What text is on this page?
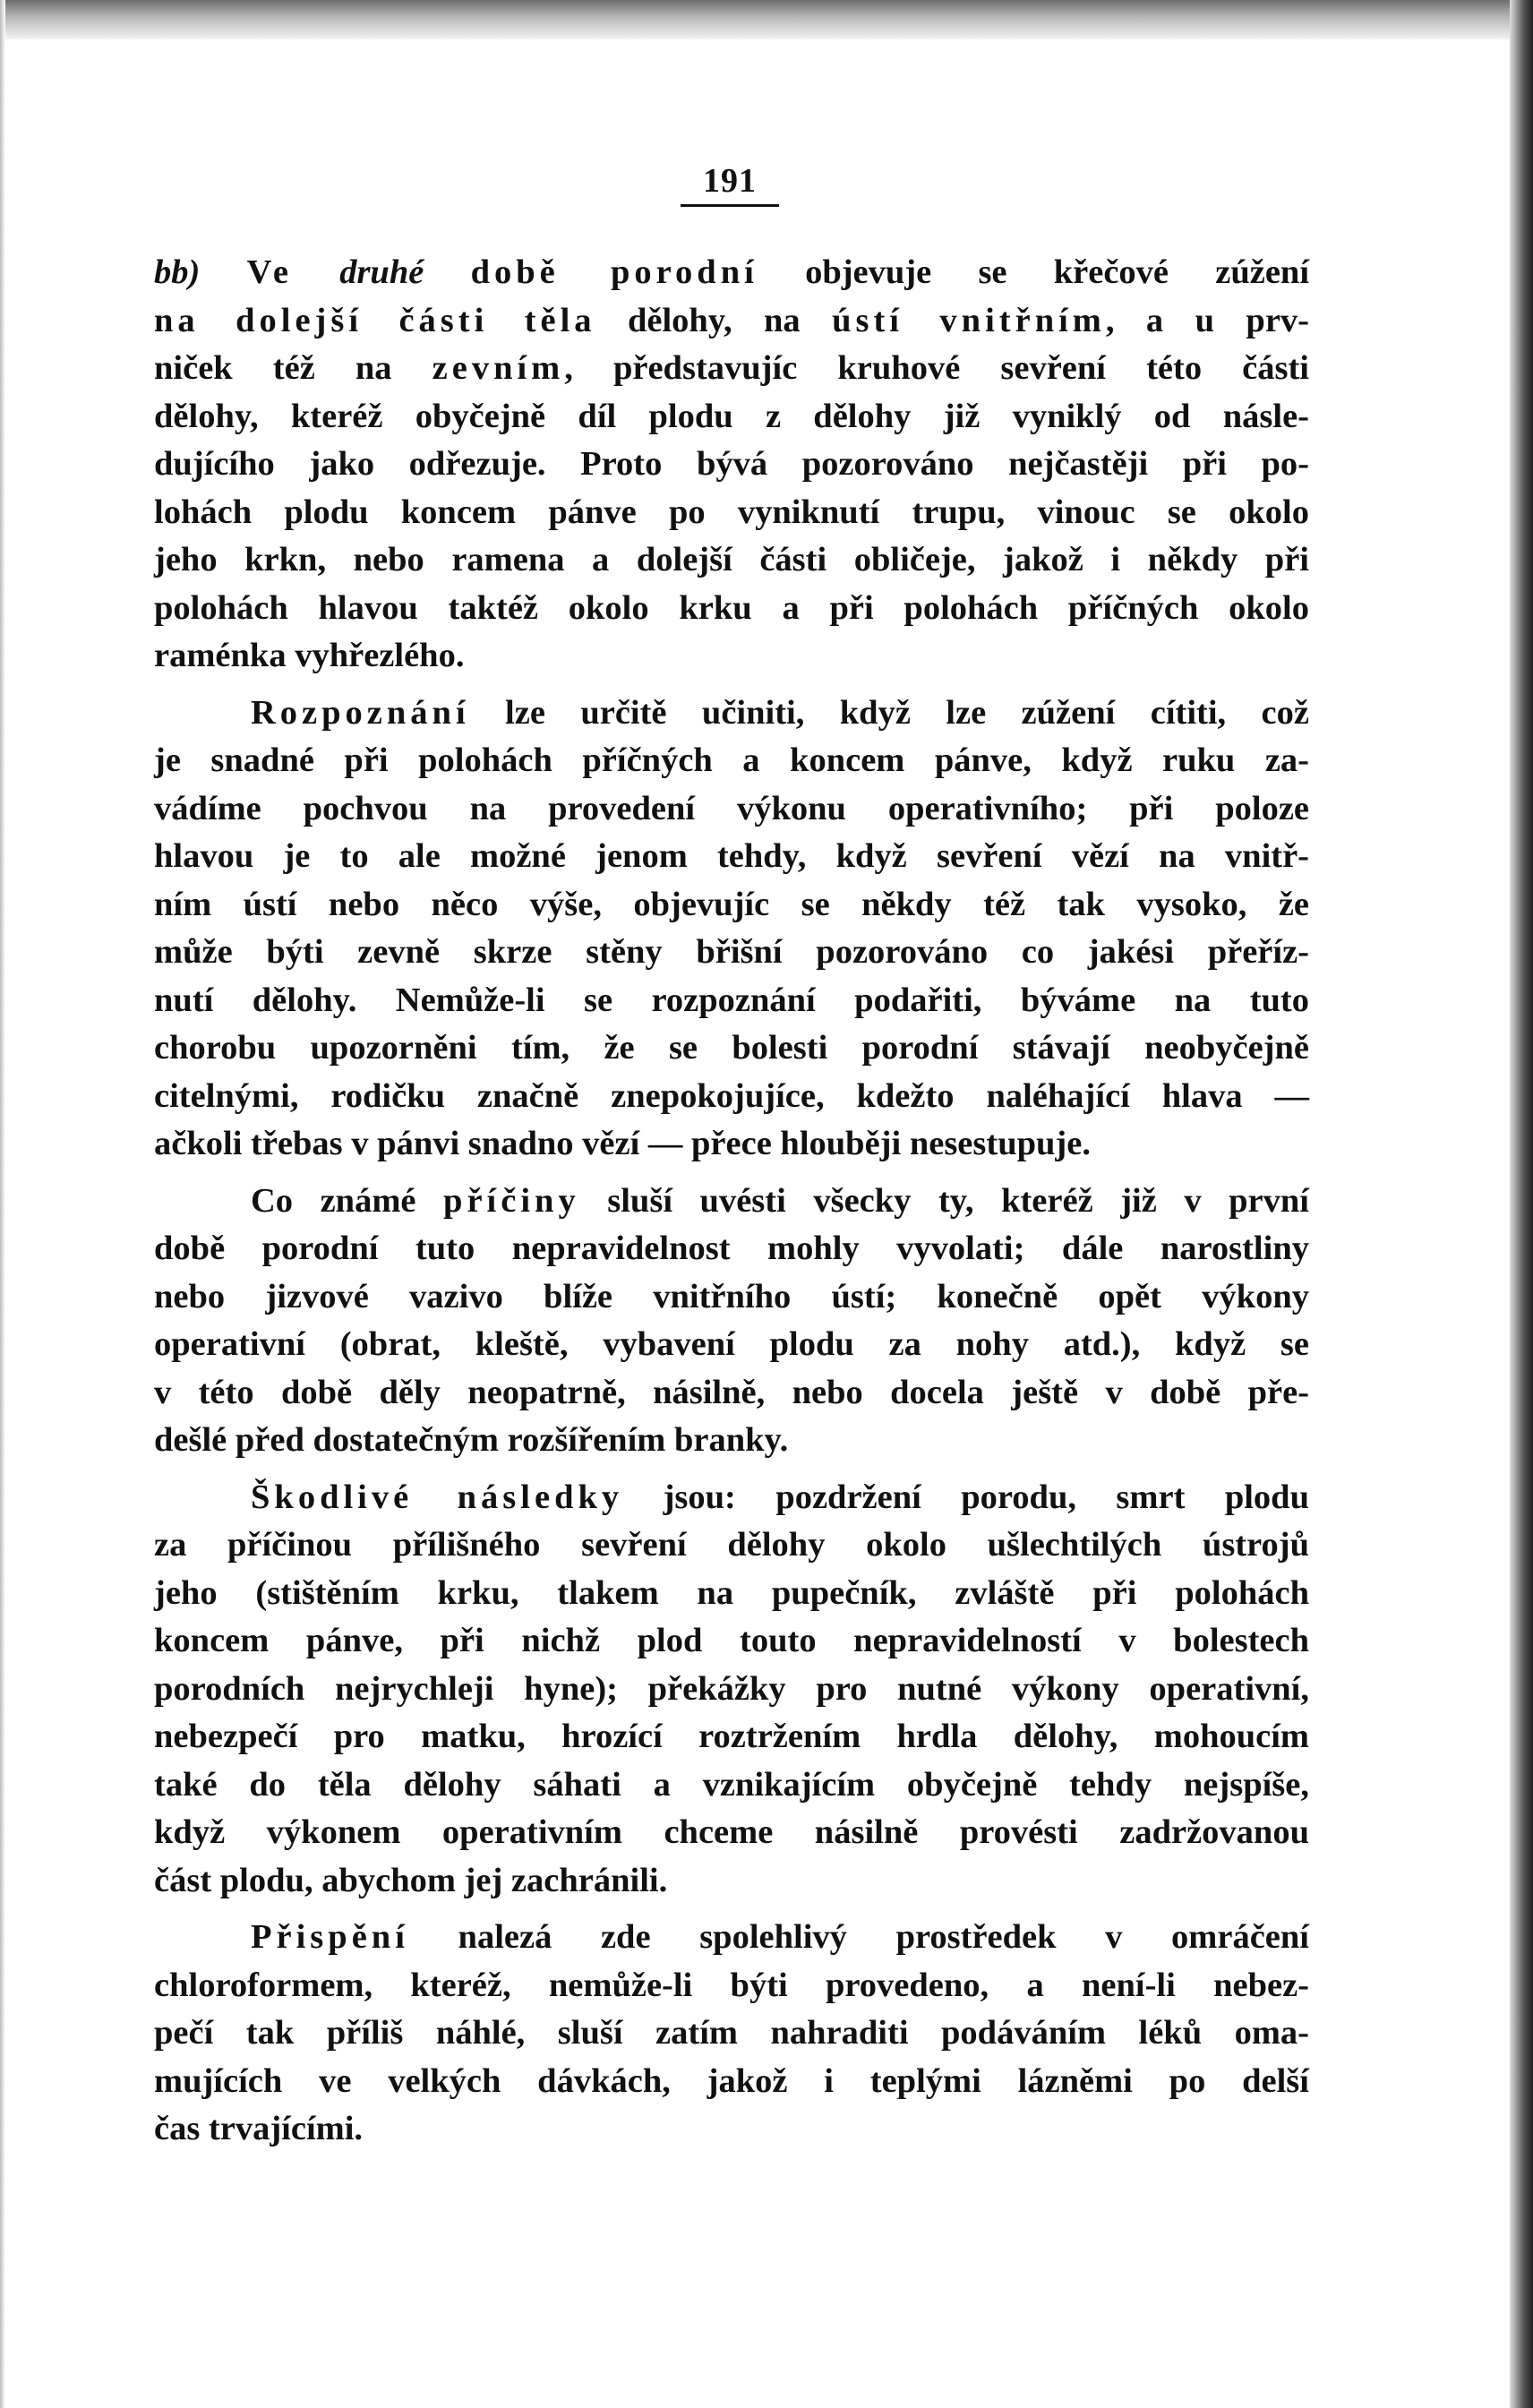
191
bb) Ve druhé době porodní objevuje se křečové zúžení
na dolejší části těla dělohy, na ústí vnitřním, a u prv-
niček též na zevním, představujíc kruhové sevření této části
dělohy, kteréž obyčejně díl plodu z dělohy již vyniklý od násle-
dujícího jako odřezuje. Proto bývá pozorováno nejčastěji při po-
lohách plodu koncem pánve po vyniknutí trupu, vinouc se okolo
jeho krkn, nebo ramena a dolejší části obličeje, jakož i někdy při
polohách hlavou taktéž okolo krku a při polohách příčných okolo
raménka vyhřezlého.
Rozpoznání lze určitě učiniti, když lze zúžení cítiti, což
je snadné při polohách příčných a koncem pánve, když ruku za-
vádíme pochvou na provedení výkonu operativního; při poloze
hlavou je to ale možné jenom tehdy, když sevření vězí na vnitř-
ním ústí nebo něco výše, objevujíc se někdy též tak vysoko, že
může býti zevně skrze stěny břišní pozorováno co jakési přeříz-
nutí dělohy. Nemůže-li se rozpoznání podařiti, býváme na tuto
chorobu upozorněni tím, že se bolesti porodní stávají neobyčejně
citelnými, rodičku značně znepokojujíce, kdežto naléhající hlava —
ačkoli třebas v pánvi snadno vězí — přece hlouběji nesestupuje.
Co známé příčiny sluší uvésti všecky ty, kteréž již v první
době porodní tuto nepravidelnost mohly vyvolati; dále narostliny
nebo jizvové vazivo blíže vnitřního ústí; konečně opět výkony
operativní (obrat, kleště, vybavení plodu za nohy atd.), když se
v této době děly neopatrně, násilně, nebo docela ještě v době pře-
dešlé před dostatečným rozšířením branky.
Škodlivé následky jsou: pozdržení porodu, smrt plodu
za příčinou přílišného sevření dělohy okolo ušlechtilých ústrojů
jeho (stištěním krku, tlakem na pupečník, zvláště při polohách
koncem pánve, při nichž plod touto nepravidelností v bolestech
porodních nejrychleji hyne); překážky pro nutné výkony operativní,
nebezpečí pro matku, hrozící roztržením hrdla dělohy, mohoucím
také do těla dělohy sáhati a vznikajícím obyčejně tehdy nejspíše,
když výkonem operativním chceme násilně provésti zadržovanou
část plodu, abychom jej zachránili.
Přispění nalezá zde spolehlivý prostředek v omráčení
chloroformem, kteréž, nemůže-li býti provedeno, a není-li nebez-
pečí tak příliš náhlé, sluší zatím nahraditi podáváním léků oma-
mujících ve velkých dávkách, jakož i teplými lázněmi po delší
čas trvajícími.
